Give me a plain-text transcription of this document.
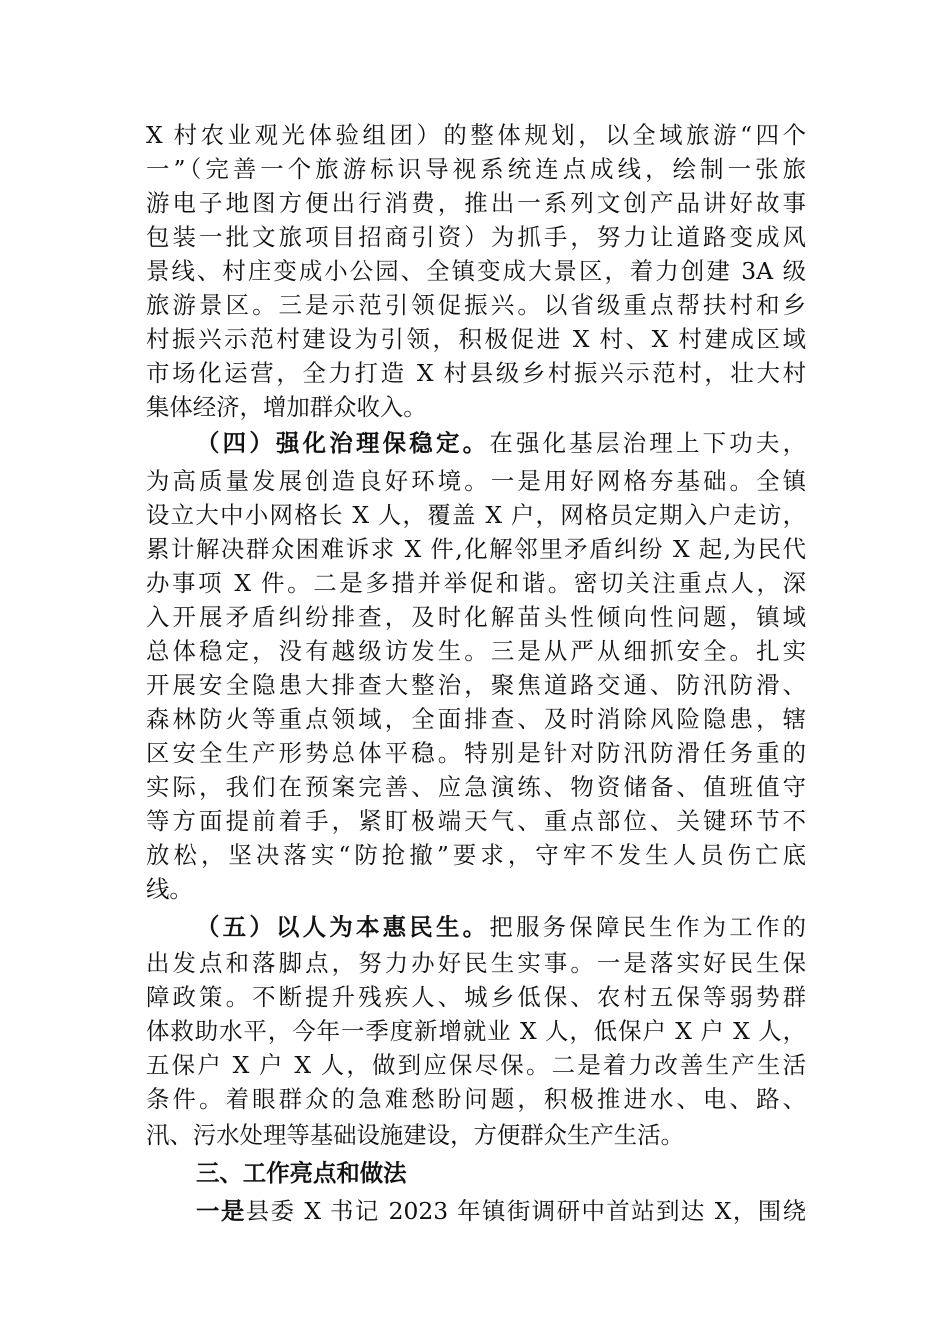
X 村农业观光体验组团）的整体规划，以全域旅游“四个
一”（完善一个旅游标识导视系统连点成线，绘制一张旅
游电子地图方便出行消费，推出一系列文创产品讲好故事
包装一批文旅项目招商引资）为抓手，努力让道路变成风
景线、村庄变成小公园、全镇变成大景区，着力创建 3A 级
旅游景区。三是示范引领促振兴。以省级重点帮扶村和乡
村振兴示范村建设为引领，积极促进 X 村、X 村建成区域
市场化运营，全力打造 X 村县级乡村振兴示范村，壮大村
集体经济，增加群众收入。
（四）强化治理保稳定。在强化基层治理上下功夫，
为高质量发展创造良好环境。一是用好网格夯基础。全镇
设立大中小网格长 X 人，覆盖 X 户，网格员定期入户走访，
累计解决群众困难诉求 X 件,化解邻里矛盾纠纷 X 起,为民代
办事项 X 件。二是多措并举促和谐。密切关注重点人，深
入开展矛盾纠纷排查，及时化解苗头性倾向性问题，镇域
总体稳定，没有越级访发生。三是从严从细抓安全。扎实
开展安全隐患大排查大整治，聚焦道路交通、防汛防滑、
森林防火等重点领域，全面排查、及时消除风险隐患，辖
区安全生产形势总体平稳。特别是针对防汛防滑任务重的
实际，我们在预案完善、应急演练、物资储备、值班值守
等方面提前着手，紧盯极端天气、重点部位、关键环节不
放松，坚决落实“防抢撤”要求，守牢不发生人员伤亡底
线。
（五）以人为本惠民生。把服务保障民生作为工作的
出发点和落脚点，努力办好民生实事。一是落实好民生保
障政策。不断提升残疾人、城乡低保、农村五保等弱势群
体救助水平，今年一季度新增就业 X 人，低保户 X 户 X 人，
五保户 X 户 X 人，做到应保尽保。二是着力改善生产生活
条件。着眼群众的急难愁盼问题，积极推进水、电、路、
汛、污水处理等基础设施建设，方便群众生产生活。
三、工作亮点和做法
一是县委 X 书记 2023 年镇街调研中首站到达 X，围绕
